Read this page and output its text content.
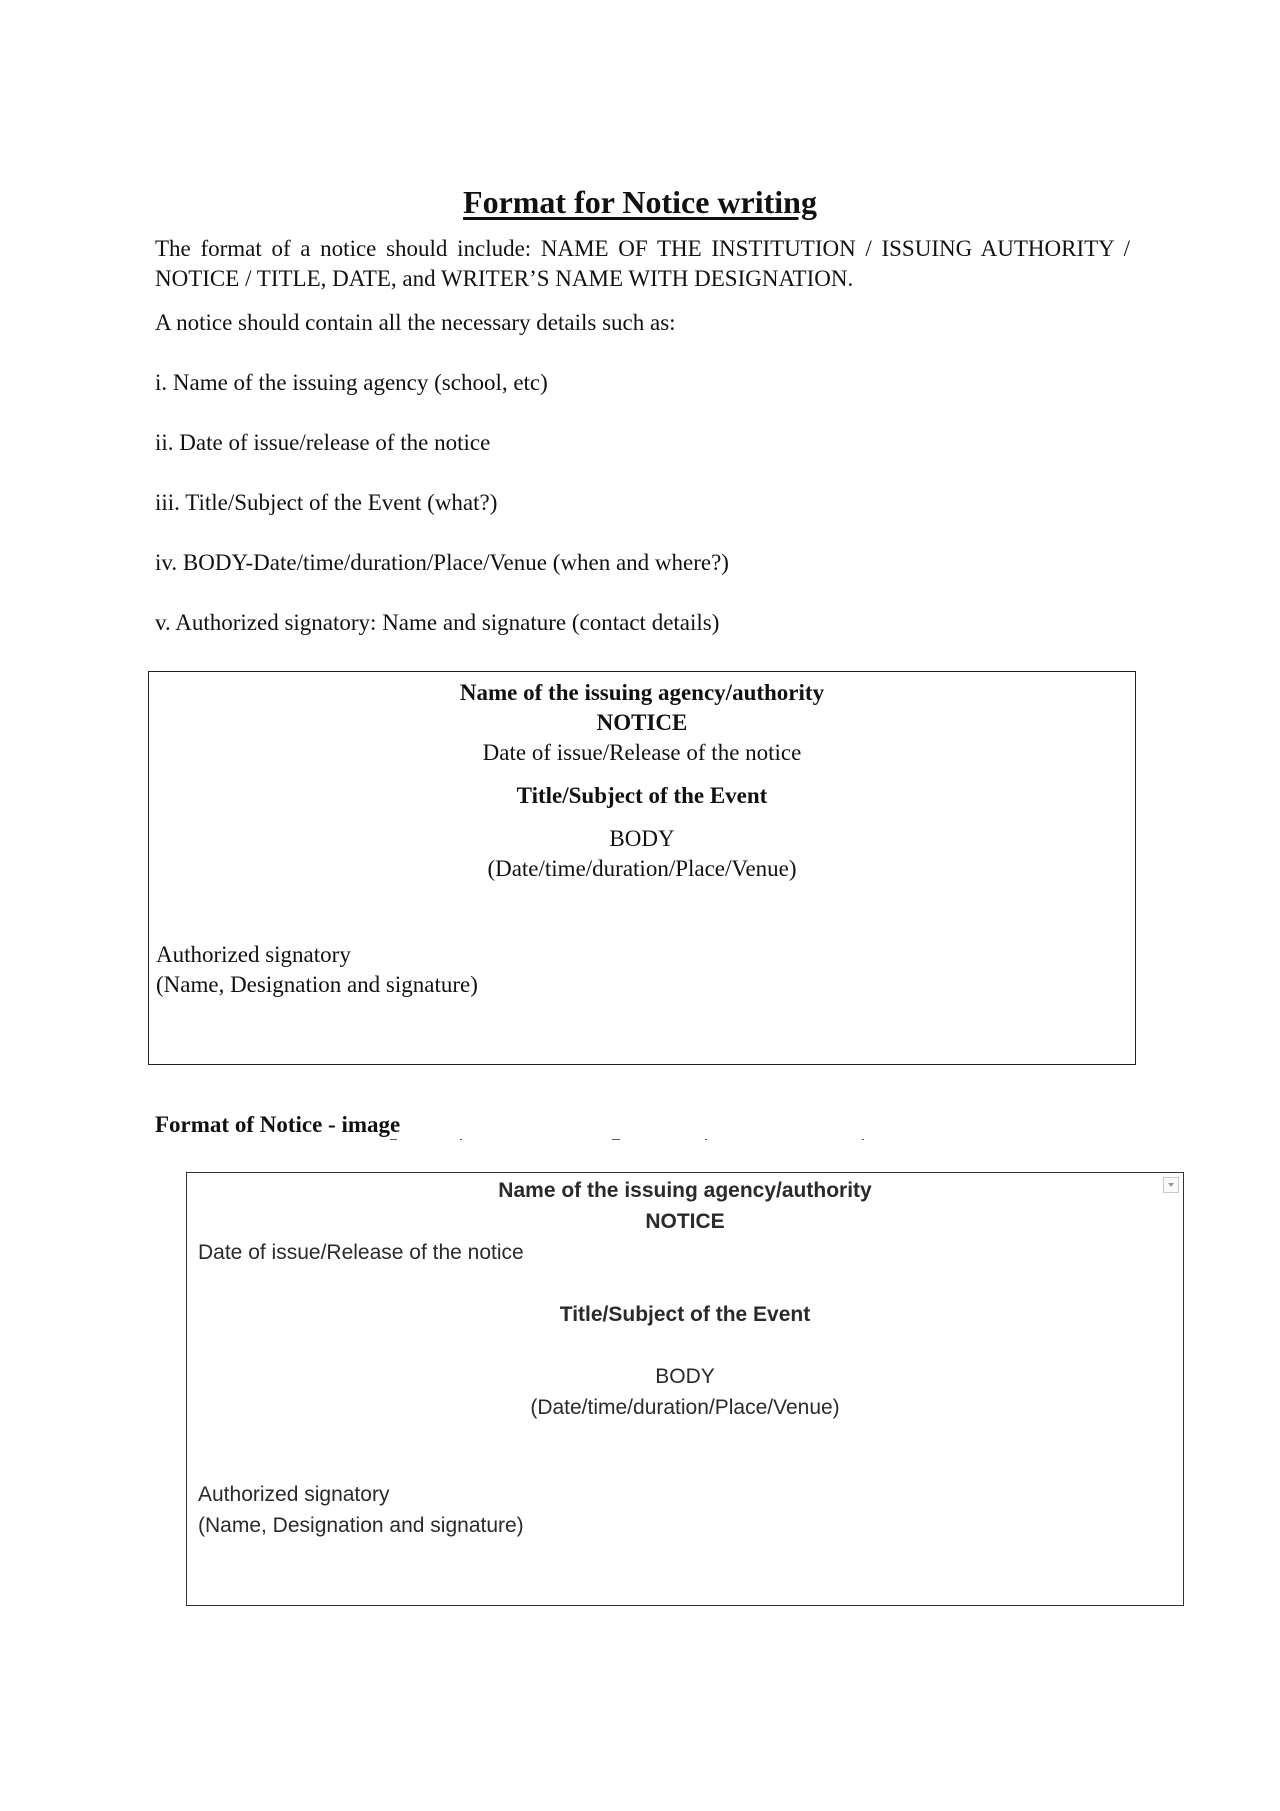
Format for Notice writing

The format of a notice should include: NAME OF THE INSTITUTION / ISSUING AUTHORITY / NOTICE / TITLE, DATE, and WRITER’S NAME WITH DESIGNATION.

A notice should contain all the necessary details such as:

i. Name of the issuing agency (school, etc)

ii. Date of issue/release of the notice

iii. Title/Subject of the Event (what?)

iv. BODY-Date/time/duration/Place/Venue (when and where?)

v. Authorized signatory: Name and signature (contact details)

Name of the issuing agency/authority

NOTICE

Date of issue/Release of the notice

Title/Subject of the Event

BODY

(Date/time/duration/Place/Venue)

Authorized signatory

(Name, Designation and signature)

Format of Notice - image

Name of the issuing agency/authority

NOTICE

Date of issue/Release of the notice

Title/Subject of the Event

BODY

(Date/time/duration/Place/Venue)

Authorized signatory

(Name, Designation and signature)
